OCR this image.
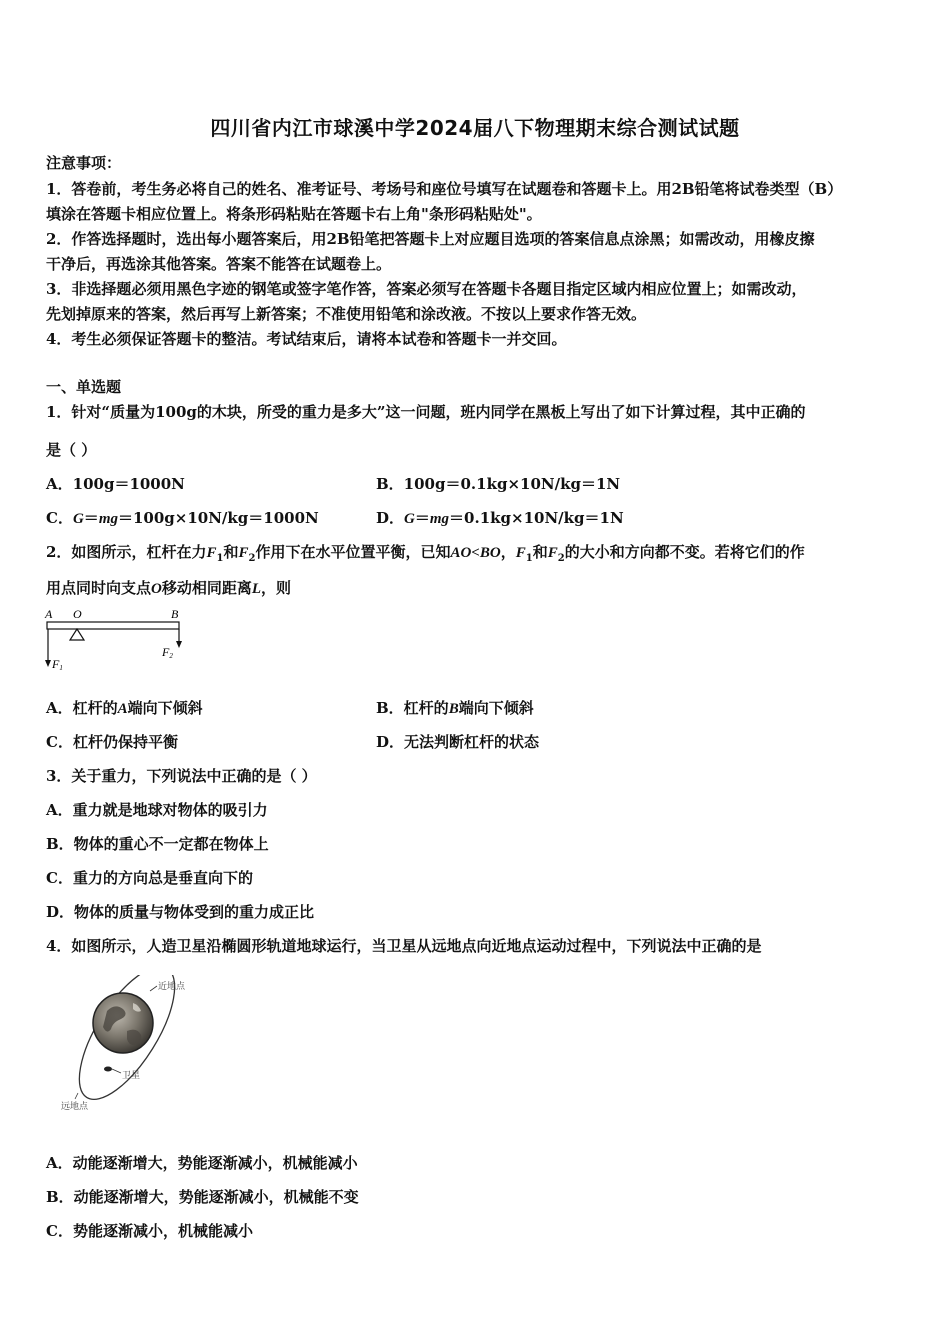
四川省内江市球溪中学2024届八下物理期末综合测试试题
注意事项：
1．答卷前，考生务必将自己的姓名、准考证号、考场号和座位号填写在试题卷和答题卡上。用2B铅笔将试卷类型（B）
填涂在答题卡相应位置上。将条形码粘贴在答题卡右上角"条形码粘贴处"。
2．作答选择题时，选出每小题答案后，用2B铅笔把答题卡上对应题目选项的答案信息点涂黑；如需改动，用橡皮擦
干净后，再选涂其他答案。答案不能答在试题卷上。
3．非选择题必须用黑色字迹的钢笔或签字笔作答，答案必须写在答题卡各题目指定区域内相应位置上；如需改动，
先划掉原来的答案，然后再写上新答案；不准使用铅笔和涂改液。不按以上要求作答无效。
4．考生必须保证答题卡的整洁。考试结束后，请将本试卷和答题卡一并交回。
一、单选题
1．针对“质量为100g的木块，所受的重力是多大”这一问题，班内同学在黑板上写出了如下计算过程，其中正确的
是（ ）
A．100g＝1000N	B．100g＝0.1kg×10N/kg＝1N
C．G＝mg＝100g×10N/kg＝1000N	D．G＝mg＝0.1kg×10N/kg＝1N
2．如图所示，杠杆在力$F_1$和$F_2$作用下在水平位置平衡，已知AO<BO，$F_1$和$F_2$的大小和方向都不变。若将它们的作
用点同时向支点O移动相同距离L，则
A O	B
F1
F2
A．杠杆的A端向下倾斜	B．杠杆的B端向下倾斜
C．杠杆仍保持平衡	D．无法判断杠杆的状态
3．关于重力，下列说法中正确的是（ ）
A．重力就是地球对物体的吸引力
B．物体的重心不一定都在物体上
C．重力的方向总是垂直向下的
D．物体的质量与物体受到的重力成正比
4．如图所示，人造卫星沿椭圆形轨道地球运行，当卫星从远地点向近地点运动过程中，下列说法中正确的是
近地点
卫星
远地点
A．动能逐渐增大，势能逐渐减小，机械能减小
B．动能逐渐增大，势能逐渐减小，机械能不变
C．势能逐渐减小，机械能减小
